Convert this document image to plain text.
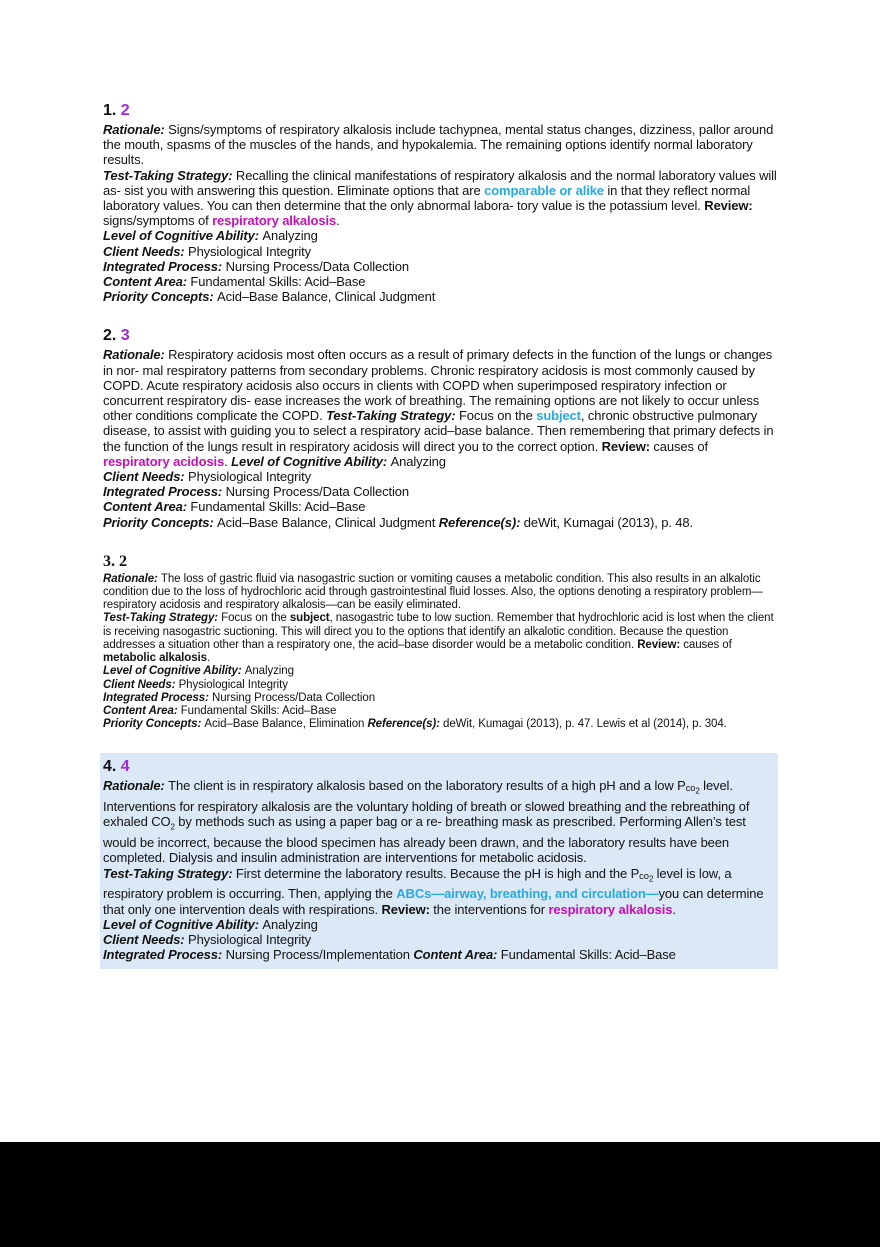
1. 2

Rationale: Signs/symptoms of respiratory alkalosis include tachypnea, mental status changes, dizziness, pallor around the mouth, spasms of the muscles of the hands, and hypokalemia. The remaining options identify normal laboratory results.

Test-Taking Strategy: Recalling the clinical manifestations of respiratory alkalosis and the normal laboratory values will as- sist you with answering this question. Eliminate options that are comparable or alike in that they reflect normal laboratory values. You can then determine that the only abnormal labora- tory value is the potassium level. Review: signs/symptoms of respiratory alkalosis.

Level of Cognitive Ability: Analyzing

Client Needs: Physiological Integrity

Integrated Process: Nursing Process/Data Collection

Content Area: Fundamental Skills: Acid–Base

Priority Concepts: Acid–Base Balance, Clinical Judgment

2. 3

Rationale: Respiratory acidosis most often occurs as a result of primary defects in the function of the lungs or changes in nor- mal respiratory patterns from secondary problems. Chronic respiratory acidosis is most commonly caused by COPD. Acute respiratory acidosis also occurs in clients with COPD when superimposed respiratory infection or concurrent respiratory dis- ease increases the work of breathing. The remaining options are not likely to occur unless other conditions complicate the COPD. Test-Taking Strategy: Focus on the subject, chronic obstructive pulmonary disease, to assist with guiding you to select a respiratory acid–base balance. Then remembering that primary defects in the function of the lungs result in respiratory acidosis will direct you to the correct option. Review: causes of respiratory acidosis. Level of Cognitive Ability: Analyzing

Client Needs: Physiological Integrity

Integrated Process: Nursing Process/Data Collection

Content Area: Fundamental Skills: Acid–Base

Priority Concepts: Acid–Base Balance, Clinical Judgment Reference(s): deWit, Kumagai (2013), p. 48.

3. 2

Rationale: The loss of gastric fluid via nasogastric suction or vomiting causes a metabolic condition. This also results in an alkalotic condition due to the loss of hydrochloric acid through gastrointestinal fluid losses. Also, the options denoting a respiratory problem—respiratory acidosis and respiratory alkalosis—can be easily eliminated.

Test-Taking Strategy: Focus on the subject, nasogastric tube to low suction. Remember that hydrochloric acid is lost when the client is receiving nasogastric suctioning. This will direct you to the options that identify an alkalotic condition. Because the question addresses a situation other than a respiratory one, the acid–base disorder would be a metabolic condition. Review: causes of metabolic alkalosis.

Level of Cognitive Ability: Analyzing

Client Needs: Physiological Integrity

Integrated Process: Nursing Process/Data Collection

Content Area: Fundamental Skills: Acid–Base

Priority Concepts: Acid–Base Balance, Elimination Reference(s): deWit, Kumagai (2013), p. 47. Lewis et al (2014), p. 304.

4. 4

Rationale: The client is in respiratory alkalosis based on the laboratory results of a high pH and a low Pco$_2$ level. Interventions for respiratory alkalosis are the voluntary holding of breath or slowed breathing and the rebreathing of exhaled $CO_2$ by methods such as using a paper bag or a re- breathing mask as prescribed. Performing Allen’s test would be incorrect, because the blood specimen has already been drawn, and the laboratory results have been completed. Dialysis and insulin administration are interventions for metabolic acidosis.

Test-Taking Strategy: First determine the laboratory results. Because the pH is high and the Pco$_2$ level is low, a respiratory problem is occurring. Then, applying the ABCs—airway, breathing, and circulation—you can determine that only one intervention deals with respirations. Review: the interventions for respiratory alkalosis.

Level of Cognitive Ability: Analyzing

Client Needs: Physiological Integrity

Integrated Process: Nursing Process/Implementation Content Area: Fundamental Skills: Acid–Base
